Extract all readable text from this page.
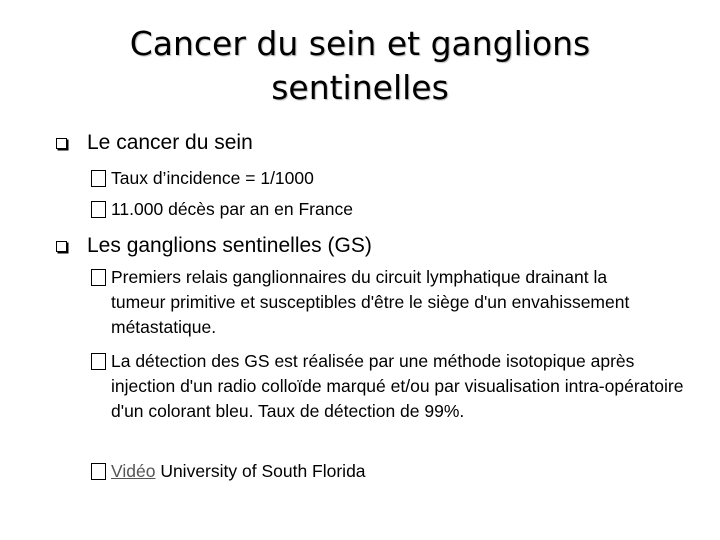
Cancer du sein et ganglions
sentinelles
Le cancer du sein
Taux d’incidence = 1/1000
11.000 décès par an en France
Les ganglions sentinelles (GS)
Premiers relais ganglionnaires du circuit lymphatique drainant la tumeur primitive et susceptibles d'être le siège d'un envahissement métastatique.
La détection des GS est réalisée par une méthode isotopique après injection d'un radio colloïde marqué et/ou par visualisation intra-opératoire d'un colorant bleu. Taux de détection de 99%.
Vidéo University of South Florida
